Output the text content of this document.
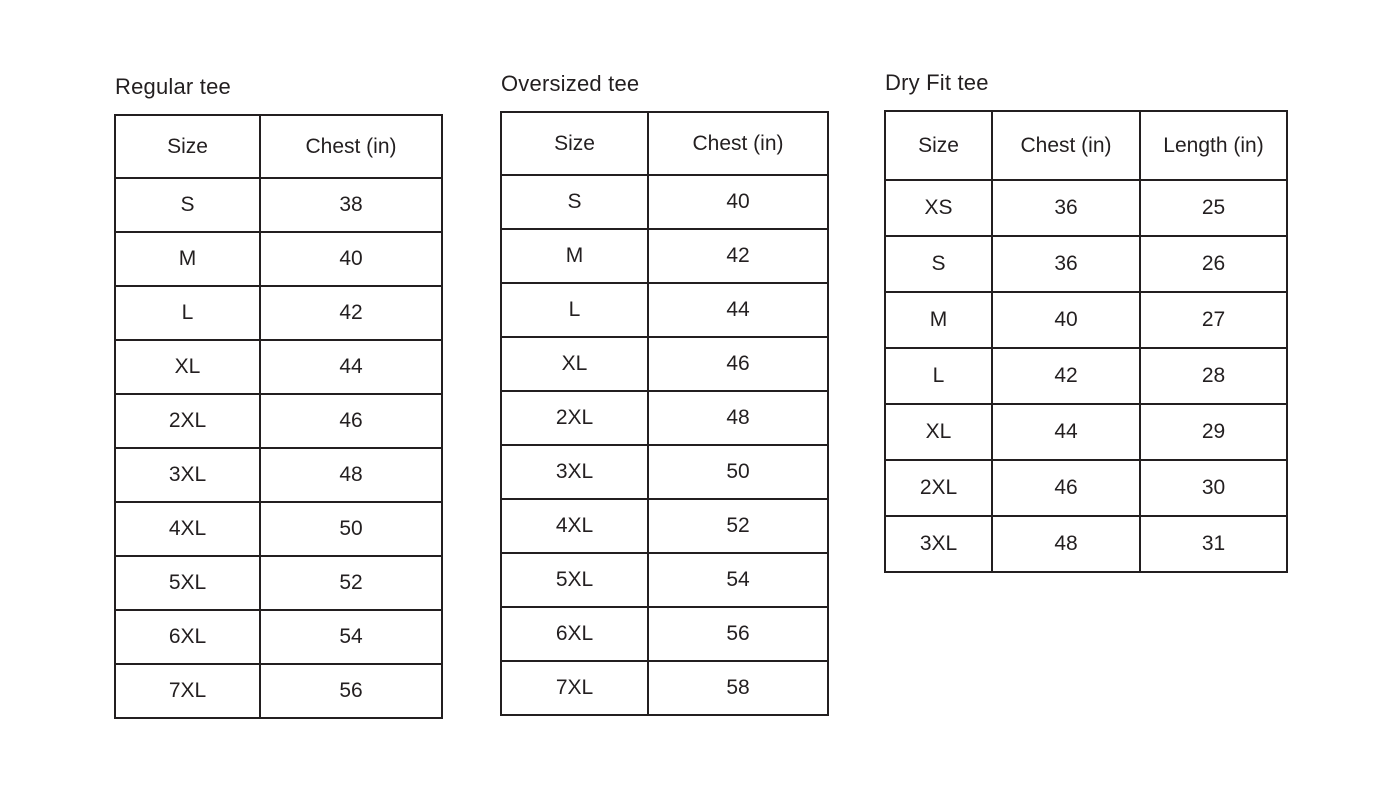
Regular tee
Size	Chest (in)
S	38
M	40
L	42
XL	44
2XL	46
3XL	48
4XL	50
5XL	52
6XL	54
7XL	56
Oversized tee
Size	Chest (in)
S	40
M	42
L	44
XL	46
2XL	48
3XL	50
4XL	52
5XL	54
6XL	56
7XL	58
Dry Fit tee
Size	Chest (in)	Length (in)
XS	36	25
S	36	26
M	40	27
L	42	28
XL	44	29
2XL	46	30
3XL	48	31
